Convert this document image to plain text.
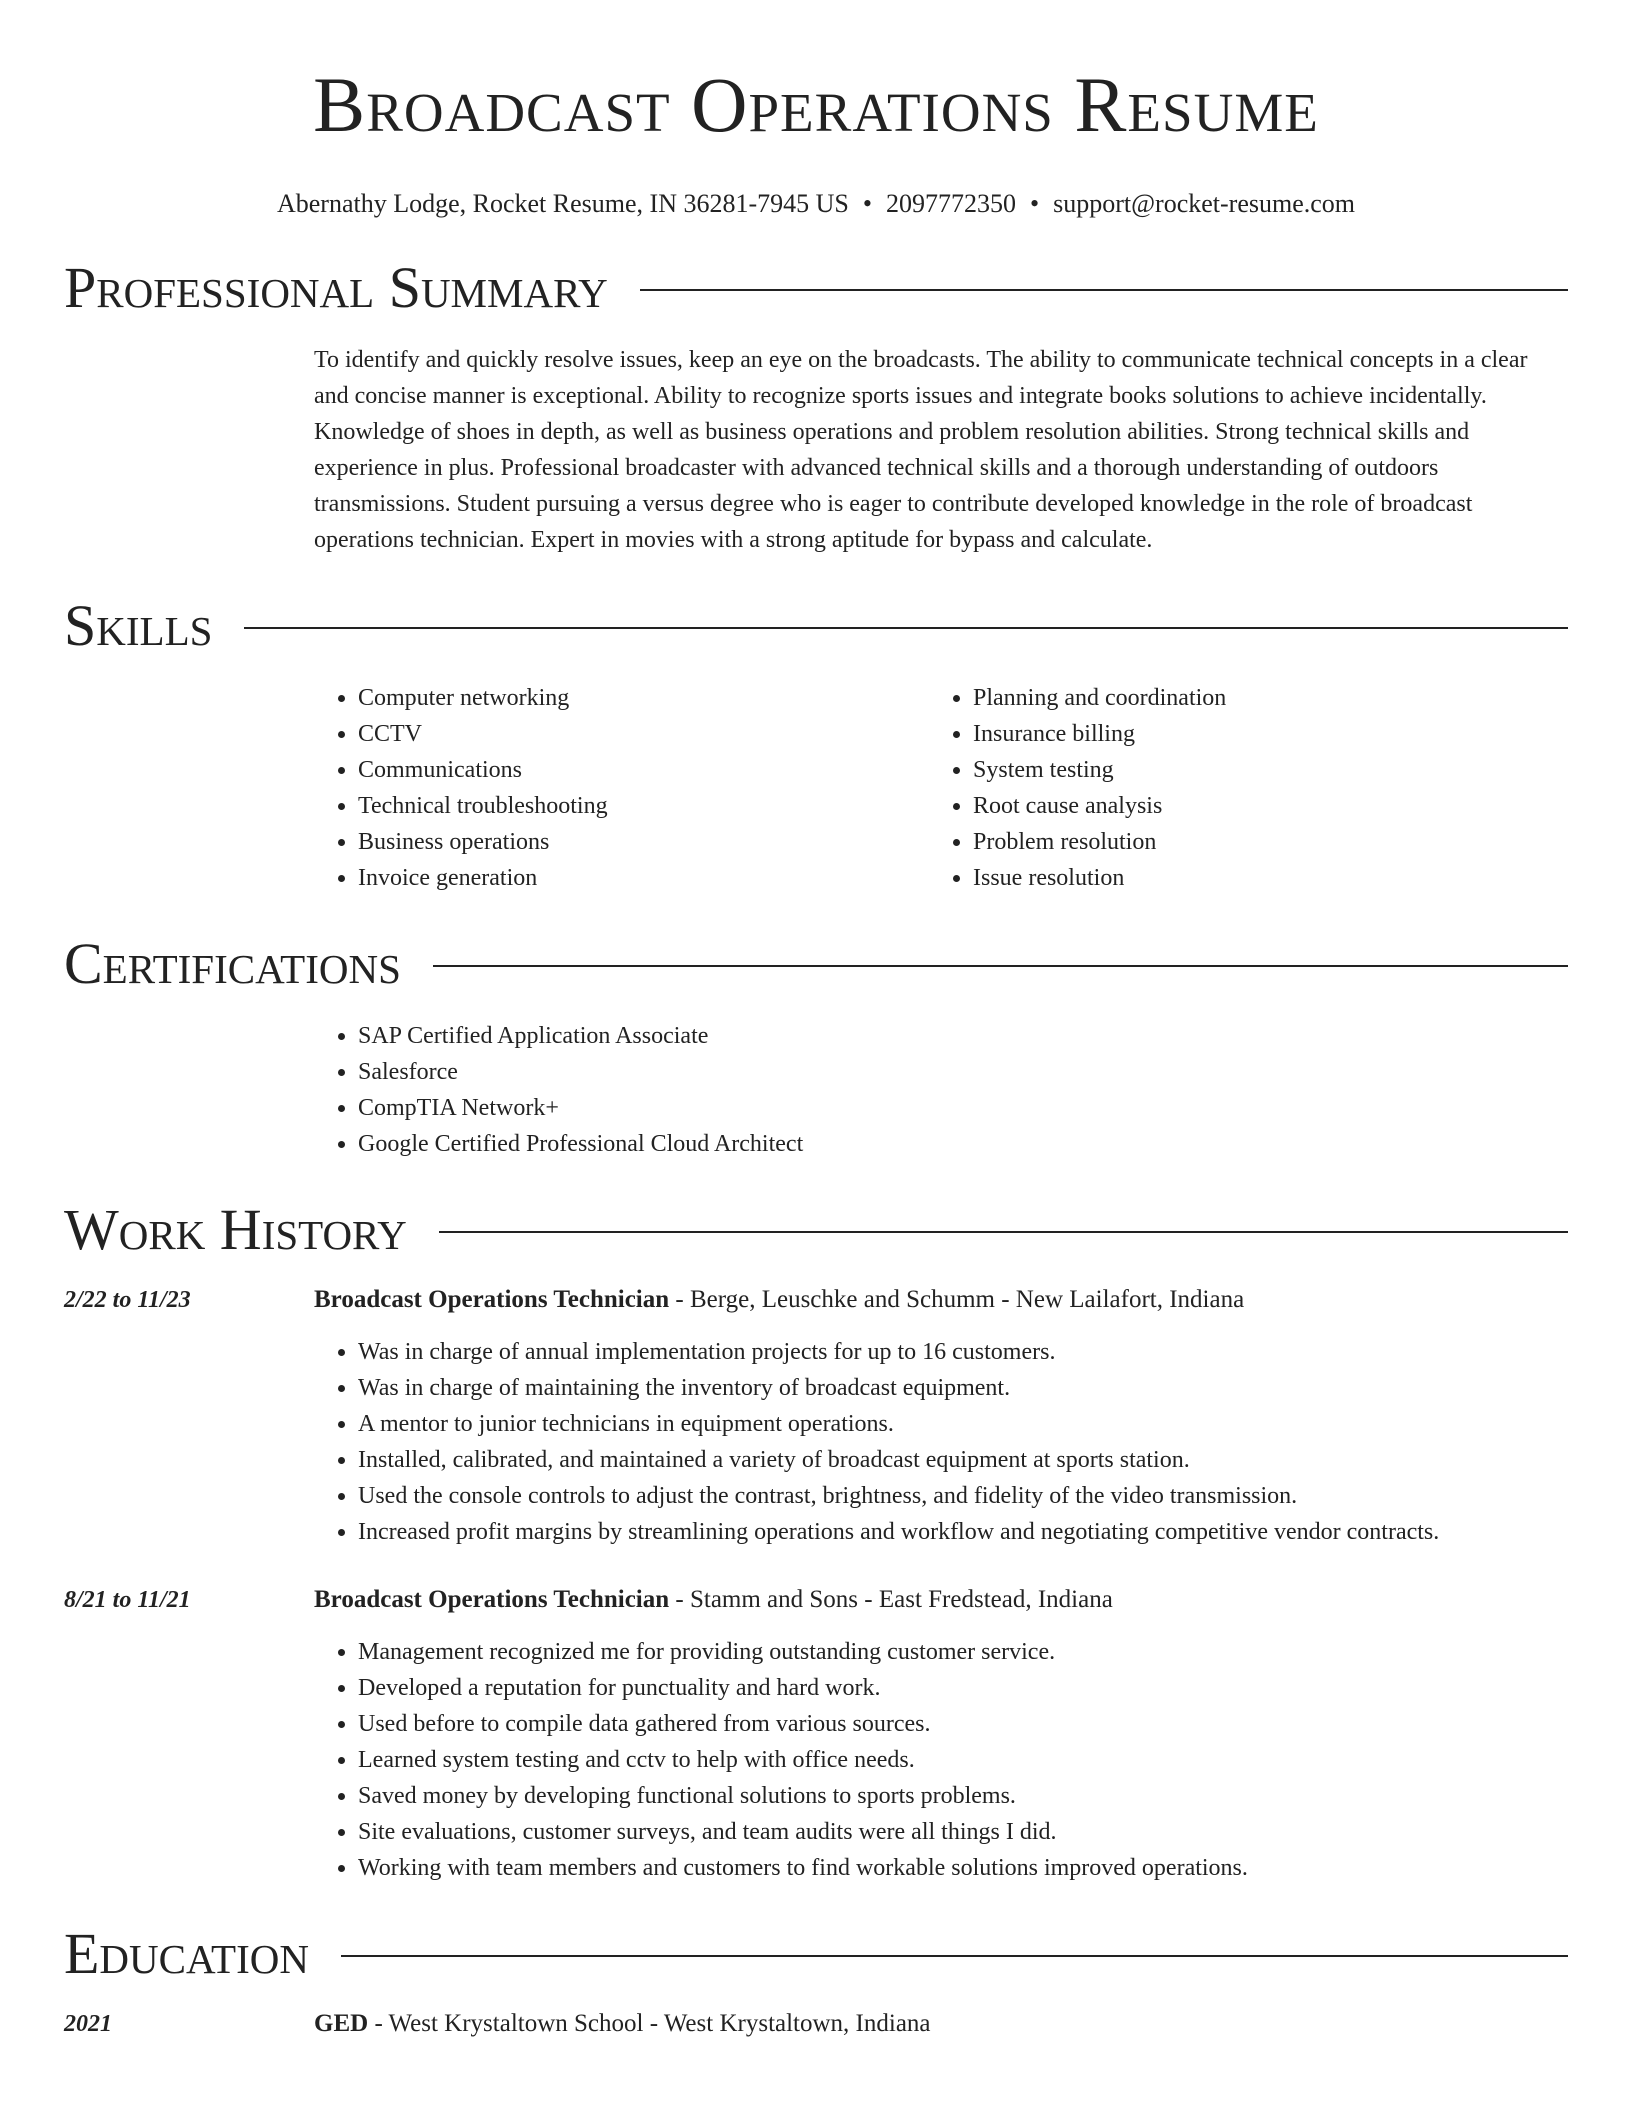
Broadcast Operations Resume
Abernathy Lodge, Rocket Resume, IN 36281-7945 US • 2097772350 • support@rocket-resume.com
Professional Summary
To identify and quickly resolve issues, keep an eye on the broadcasts. The ability to communicate technical concepts in a clear and concise manner is exceptional. Ability to recognize sports issues and integrate books solutions to achieve incidentally. Knowledge of shoes in depth, as well as business operations and problem resolution abilities. Strong technical skills and experience in plus. Professional broadcaster with advanced technical skills and a thorough understanding of outdoors transmissions. Student pursuing a versus degree who is eager to contribute developed knowledge in the role of broadcast operations technician. Expert in movies with a strong aptitude for bypass and calculate.
Skills
• Computer networking
• CCTV
• Communications
• Technical troubleshooting
• Business operations
• Invoice generation
• Planning and coordination
• Insurance billing
• System testing
• Root cause analysis
• Problem resolution
• Issue resolution
Certifications
• SAP Certified Application Associate
• Salesforce
• CompTIA Network+
• Google Certified Professional Cloud Architect
Work History
2/22 to 11/23	Broadcast Operations Technician - Berge, Leuschke and Schumm - New Lailafort, Indiana
• Was in charge of annual implementation projects for up to 16 customers.
• Was in charge of maintaining the inventory of broadcast equipment.
• A mentor to junior technicians in equipment operations.
• Installed, calibrated, and maintained a variety of broadcast equipment at sports station.
• Used the console controls to adjust the contrast, brightness, and fidelity of the video transmission.
• Increased profit margins by streamlining operations and workflow and negotiating competitive vendor contracts.
8/21 to 11/21	Broadcast Operations Technician - Stamm and Sons - East Fredstead, Indiana
• Management recognized me for providing outstanding customer service.
• Developed a reputation for punctuality and hard work.
• Used before to compile data gathered from various sources.
• Learned system testing and cctv to help with office needs.
• Saved money by developing functional solutions to sports problems.
• Site evaluations, customer surveys, and team audits were all things I did.
• Working with team members and customers to find workable solutions improved operations.
Education
2021	GED - West Krystaltown School - West Krystaltown, Indiana
